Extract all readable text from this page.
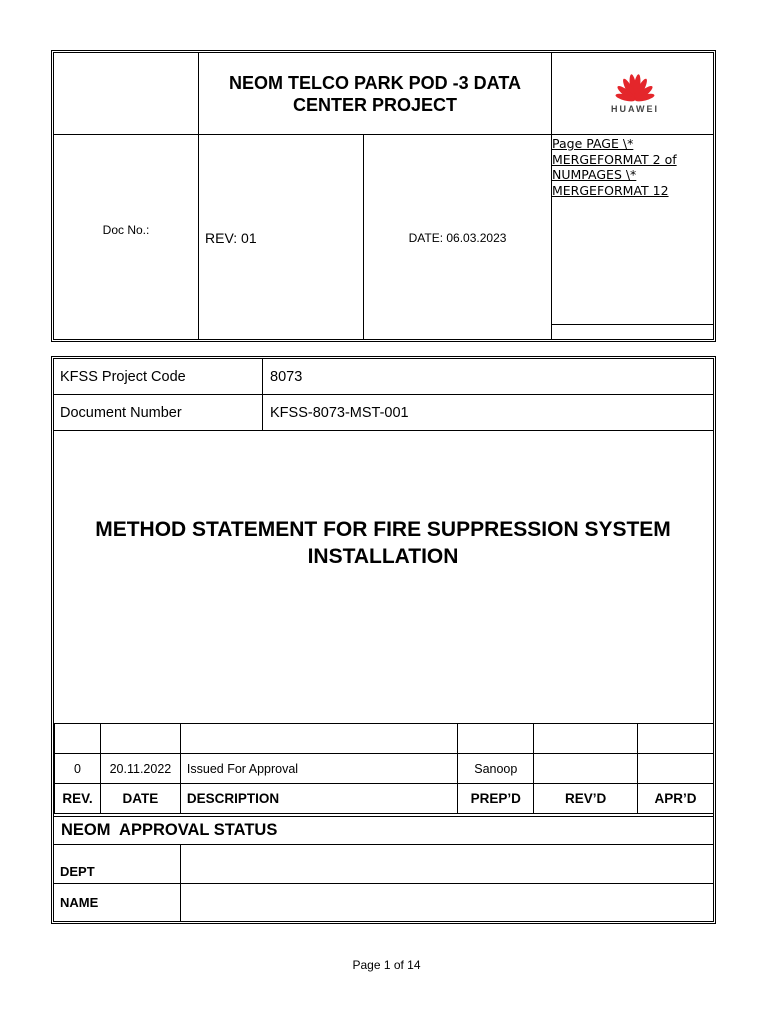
NEOM TELCO PARK POD -3 DATA CENTER PROJECT	HUAWEI
Doc No.:	REV: 01	DATE: 06.03.2023
Page PAGE \* MERGEFORMAT 2 of NUMPAGES \* MERGEFORMAT 12
KFSS Project Code	8073
Document Number	KFSS-8073-MST-001
METHOD STATEMENT FOR FIRE SUPPRESSION SYSTEM INSTALLATION

0	20.11.2022	Issued For Approval	Sanoop		
REV.	DATE	DESCRIPTION	PREP’D	REV’D	APR’D
NEOM  APPROVAL STATUS
DEPT
NAME
Page 1 of 14
